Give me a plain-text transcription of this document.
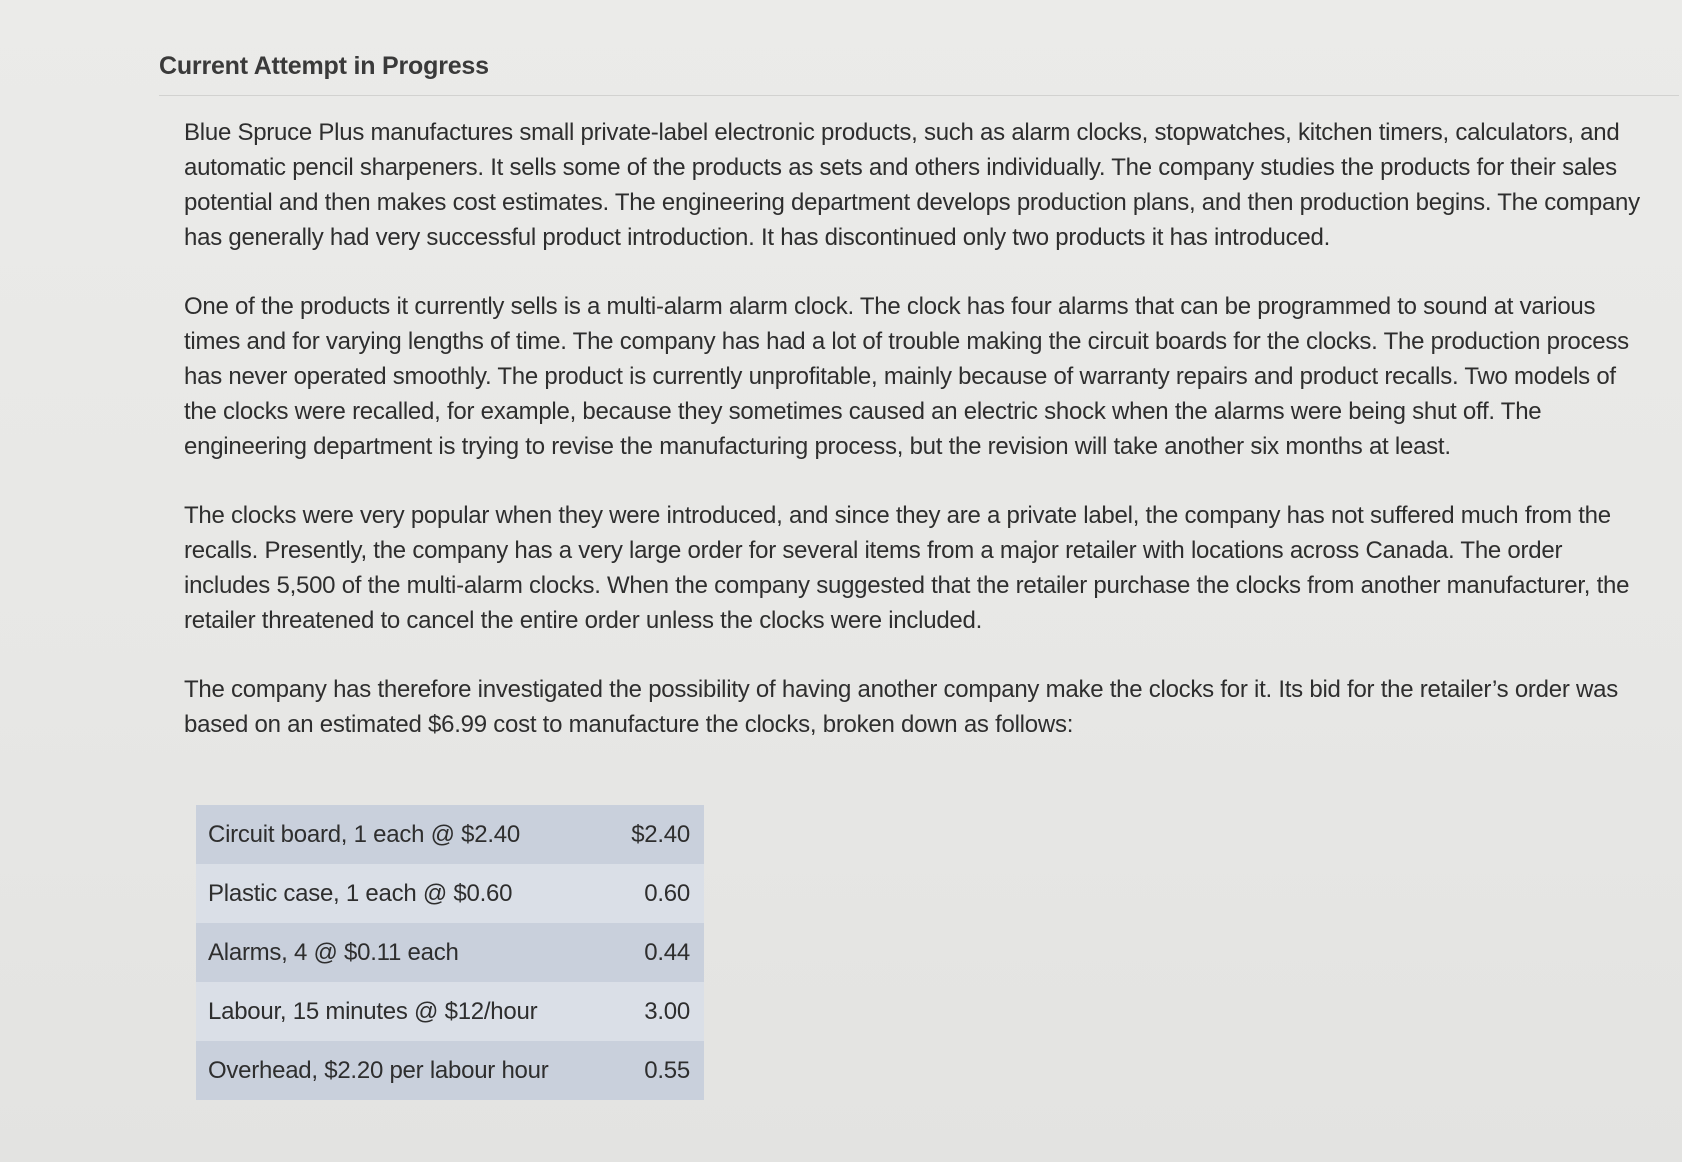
Current Attempt in Progress

Blue Spruce Plus manufactures small private-label electronic products, such as alarm clocks, stopwatches, kitchen timers, calculators, and automatic pencil sharpeners. It sells some of the products as sets and others individually. The company studies the products for their sales potential and then makes cost estimates. The engineering department develops production plans, and then production begins. The company has generally had very successful product introduction. It has discontinued only two products it has introduced.

One of the products it currently sells is a multi-alarm alarm clock. The clock has four alarms that can be programmed to sound at various times and for varying lengths of time. The company has had a lot of trouble making the circuit boards for the clocks. The production process has never operated smoothly. The product is currently unprofitable, mainly because of warranty repairs and product recalls. Two models of the clocks were recalled, for example, because they sometimes caused an electric shock when the alarms were being shut off. The engineering department is trying to revise the manufacturing process, but the revision will take another six months at least.

The clocks were very popular when they were introduced, and since they are a private label, the company has not suffered much from the recalls. Presently, the company has a very large order for several items from a major retailer with locations across Canada. The order includes 5,500 of the multi-alarm clocks. When the company suggested that the retailer purchase the clocks from another manufacturer, the retailer threatened to cancel the entire order unless the clocks were included.

The company has therefore investigated the possibility of having another company make the clocks for it. Its bid for the retailer’s order was based on an estimated $6.99 cost to manufacture the clocks, broken down as follows:

Circuit board, 1 each @ $2.40	$2.40
Plastic case, 1 each @ $0.60	0.60
Alarms, 4 @ $0.11 each	0.44
Labour, 15 minutes @ $12/hour	3.00
Overhead, $2.20 per labour hour	0.55
